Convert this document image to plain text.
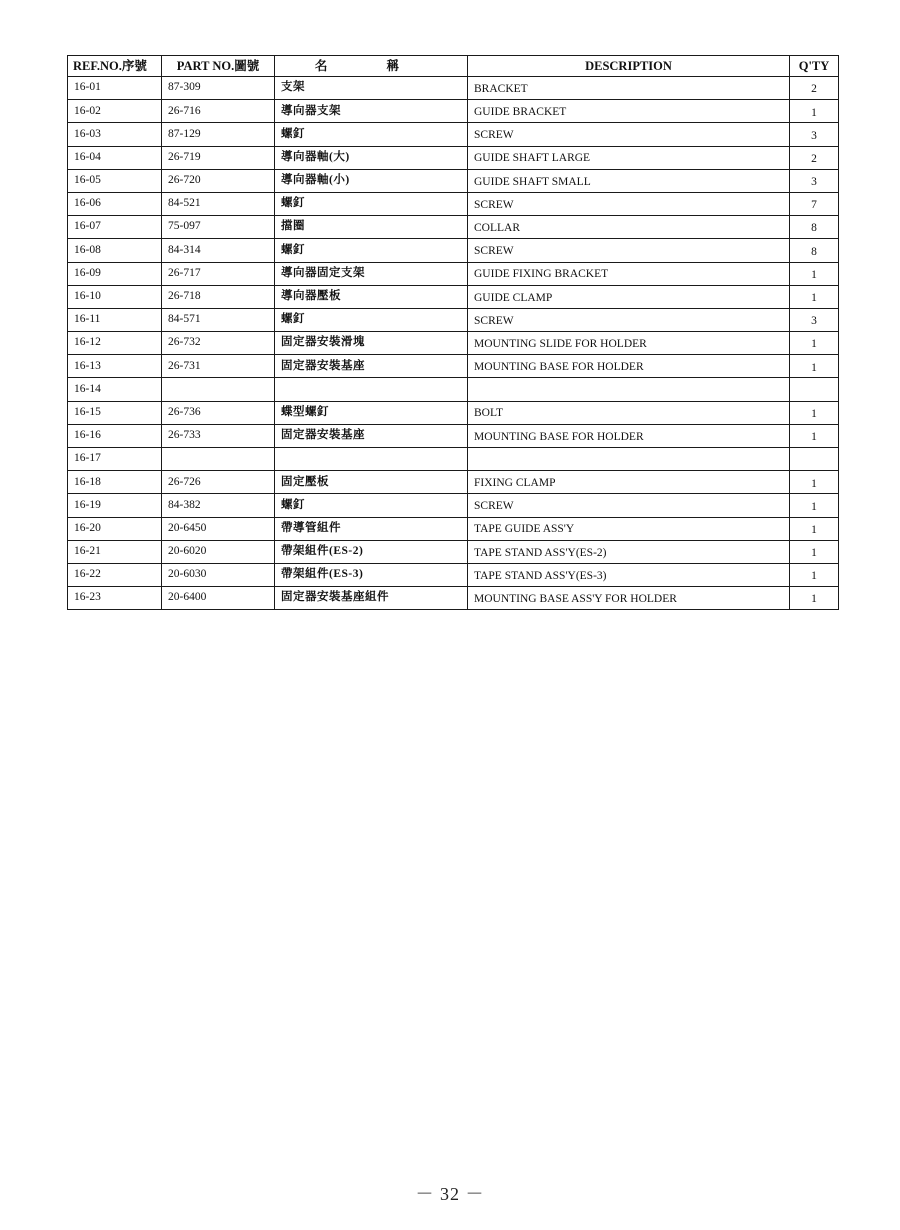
REF.NO.序號	PART NO.圖號	名 稱	DESCRIPTION	Q'TY
16-01	87-309	支架	BRACKET	2
16-02	26-716	導向器支架	GUIDE BRACKET	1
16-03	87-129	螺釘	SCREW	3
16-04	26-719	導向器軸(大)	GUIDE SHAFT LARGE	2
16-05	26-720	導向器軸(小)	GUIDE SHAFT SMALL	3
16-06	84-521	螺釘	SCREW	7
16-07	75-097	擋圈	COLLAR	8
16-08	84-314	螺釘	SCREW	8
16-09	26-717	導向器固定支架	GUIDE FIXING BRACKET	1
16-10	26-718	導向器壓板	GUIDE CLAMP	1
16-11	84-571	螺釘	SCREW	3
16-12	26-732	固定器安裝滑塊	MOUNTING SLIDE FOR HOLDER	1
16-13	26-731	固定器安裝基座	MOUNTING BASE FOR HOLDER	1
16-14				
16-15	26-736	蝶型螺釘	BOLT	1
16-16	26-733	固定器安裝基座	MOUNTING BASE FOR HOLDER	1
16-17				
16-18	26-726	固定壓板	FIXING CLAMP	1
16-19	84-382	螺釘	SCREW	1
16-20	20-6450	帶導管組件	TAPE GUIDE ASS'Y	1
16-21	20-6020	帶架組件(ES-2)	TAPE STAND ASS'Y(ES-2)	1
16-22	20-6030	帶架組件(ES-3)	TAPE STAND ASS'Y(ES-3)	1
16-23	20-6400	固定器安裝基座組件	MOUNTING BASE ASS'Y FOR HOLDER	1
－ 32 －
